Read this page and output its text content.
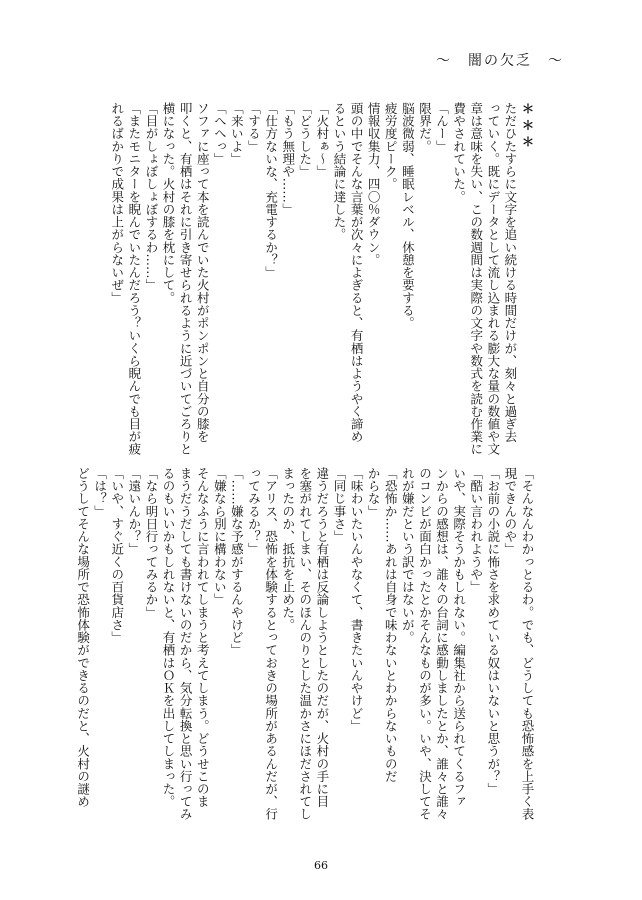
～　闇の欠乏　～

＊＊＊

ただひたすらに文字を追い続ける時間だけが、刻々と過ぎ去

っていく。既にデータとして流し込まれる膨大な量の数値や文

章は意味を失い、この数週間は実際の文字や数式を読む作業に

費やされていた。

「んー」

限界だ。

脳波微弱、睡眠レベル、休憩を要する。

疲労度ピーク。

情報収集力、四〇％ダウン。

頭の中でそんな言葉が次々によぎると、有栖はようやく諦め

るという結論に達した。

「火村ぁ～」

「どうした」

「もう無理や……」

「仕方ないな、充電するか？」

「する」

「来いよ」

「へへっ」

ソファに座って本を読んでいた火村がポンポンと自分の膝を

叩くと、有栖はそれに引き寄せられるように近づいてごろりと

横になった。火村の膝を枕にして。

「目がしょぼしょぼするわ……」

「またモニターを睨んでいたんだろう？いくら睨んでも目が疲

れるばかりで成果は上がらないぜ」

「そんなんわかっとるわ。でも、どうしても恐怖感を上手く表

現できんのや」

「お前の小説に怖さを求めている奴はいないと思うが？」

「酷い言われようや」

いや、実際そうかもしれない。編集社から送られてくるファ

ンからの感想は、誰々の台詞に感動しましたとか、誰々と誰々

のコンビが面白かったとかそんなものが多い。いや、決してそ

れが嫌だという訳ではないが。

「恐怖か……あれは自身で味わないとわからないものだ

からな」

「味わいたいんやなくて、書きたいんやけど」

「同じ事さ」

違うだろうと有栖は反論しようとしたのだが、火村の手に目

を塞がれてしまい、そのほんのりとした温かさにほだされてし

まったのか、抵抗を止めた。

「アリス、恐怖を体験するとっておきの場所があるんだが、行

ってみるか？」

「……嫌な予感がするんやけど」

「嫌なら別に構わない」

そんなふうに言われてしまうと考えてしまう。どうせこのま

まうだうだしても書けないのだから、気分転換と思い行ってみ

るのもいいかもしれないと、有栖はＯＫを出してしまった。

「なら明日行ってみるか」

「遠いんか？」

「いや、すぐ近くの百貨店さ」

「は？」

どうしてそんな場所で恐怖体験ができるのだと、火村の謎め

66
